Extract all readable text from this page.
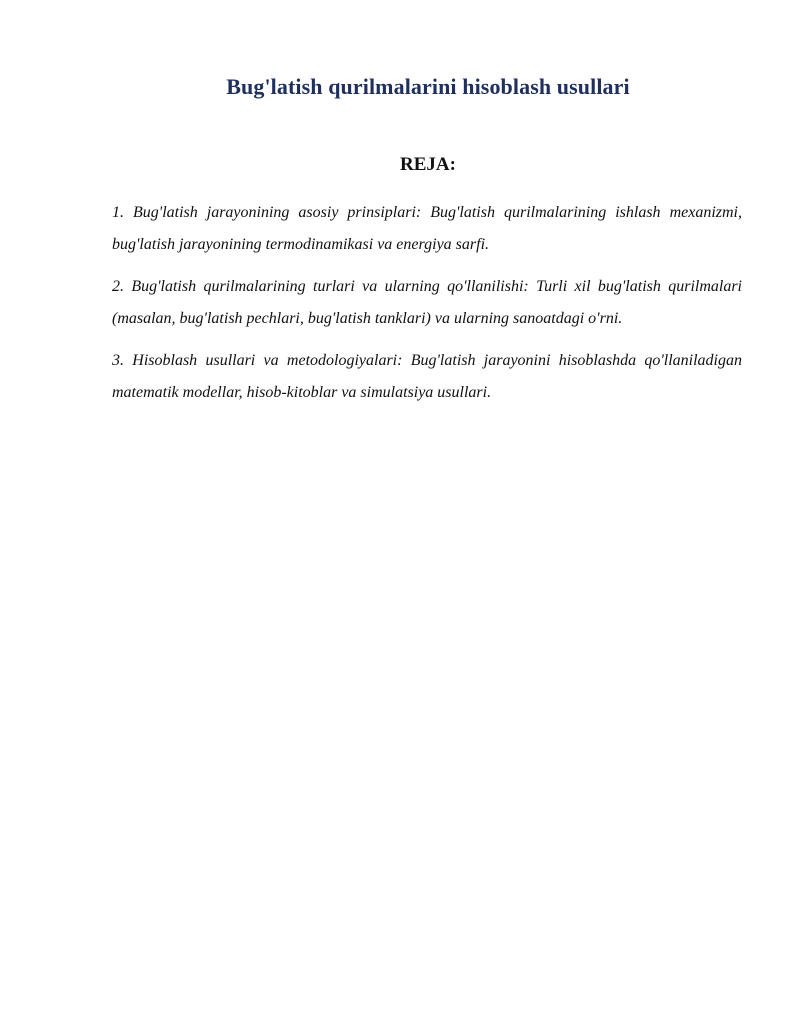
Bug'latish qurilmalarini hisoblash usullari
REJA:

1. Bug'latish jarayonining asosiy prinsiplari: Bug'latish qurilmalarining ishlash mexanizmi, bug'latish jarayonining termodinamikasi va energiya sarfi.

2. Bug'latish qurilmalarining turlari va ularning qo'llanilishi: Turli xil bug'latish qurilmalari (masalan, bug'latish pechlari, bug'latish tanklari) va ularning sanoatdagi o'rni.

3. Hisoblash usullari va metodologiyalari: Bug'latish jarayonini hisoblashda qo'llaniladigan matematik modellar, hisob-kitoblar va simulatsiya usullari.
